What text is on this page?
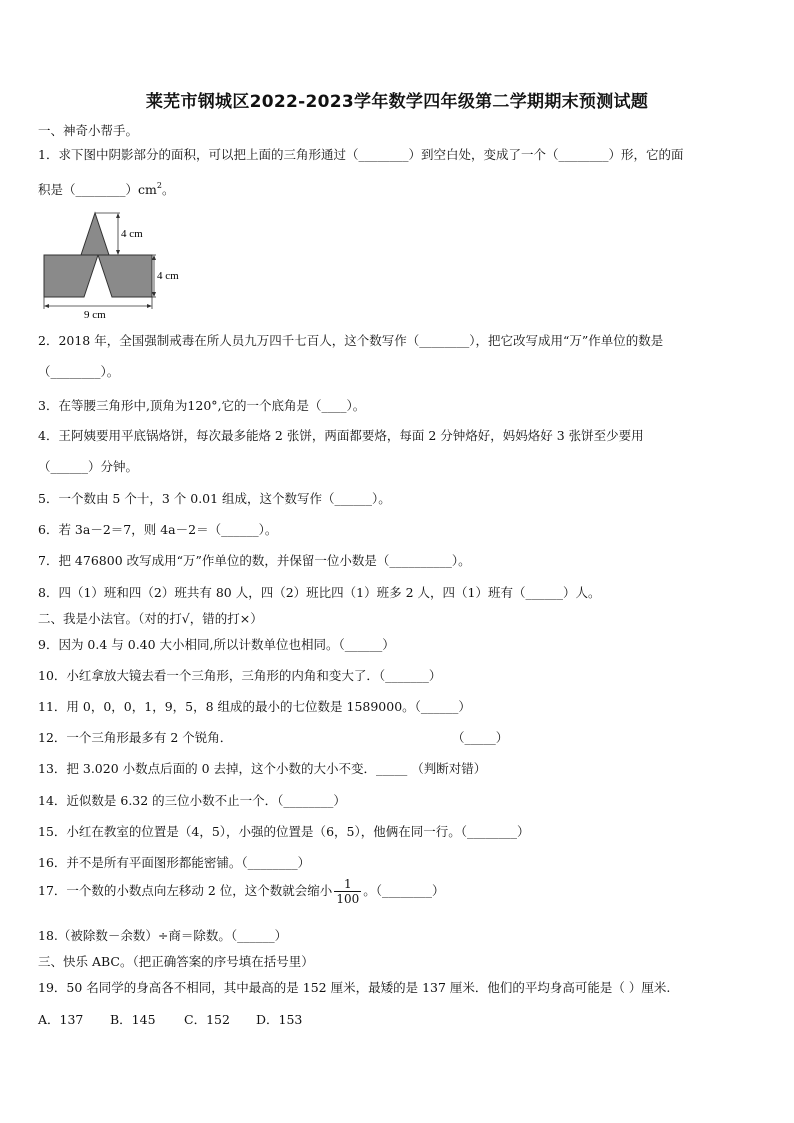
莱芜市钢城区2022-2023学年数学四年级第二学期期末预测试题
一、神奇小帮手。
1．求下图中阴影部分的面积，可以把上面的三角形通过（________）到空白处，变成了一个（________）形，它的面
积是$(\_\_\_\_\_\_\_\_)cm^2$。
4 cm
4 cm
9 cm
2．2018 年，全国强制戒毒在所人员九万四千七百人，这个数写作（________），把它改写成用“万”作单位的数是
（________）。
3．在等腰三角形中,顶角为120°,它的一个底角是（____）。
4．王阿姨要用平底锅烙饼，每次最多能烙 2 张饼，两面都要烙，每面 2 分钟烙好，妈妈烙好 3 张饼至少要用
（______）分钟。
5．一个数由 5 个十，3 个 0.01 组成，这个数写作（______）。
6．若 3a－2＝7，则 4a－2＝（______）。
7．把 476800 改写成用“万”作单位的数，并保留一位小数是（__________）。
8．四（1）班和四（2）班共有 80 人，四（2）班比四（1）班多 2 人，四（1）班有（______）人。
二、我是小法官。（对的打√，错的打×）
9．因为 0.4 与 0.40 大小相同,所以计数单位也相同。（______）
10．小红拿放大镜去看一个三角形，三角形的内角和变大了．（_______）
11．用 0，0，0，1，9，5，8 组成的最小的七位数是 1589000。（______）
12．一个三角形最多有 2 个锐角．	（_____）
13．把 3.020 小数点后面的 0 去掉，这个小数的大小不变．_____ （判断对错）
14．近似数是 6.32 的三位小数不止一个．（________）
15．小红在教室的位置是（4，5），小强的位置是（6，5），他俩在同一行。（________）
16．并不是所有平面图形都能密铺。（________）
17．一个数的小数点向左移动 2 位，这个数就会缩小 $\frac{1}{100}$ 。（________）
18.（被除数－余数）÷商＝除数。（______）
三、快乐 ABC。（把正确答案的序号填在括号里）
19．50 名同学的身高各不相同，其中最高的是 152 厘米，最矮的是 137 厘米．他们的平均身高可能是（ ）厘米.
A．137 B．145 C．152 D．153
